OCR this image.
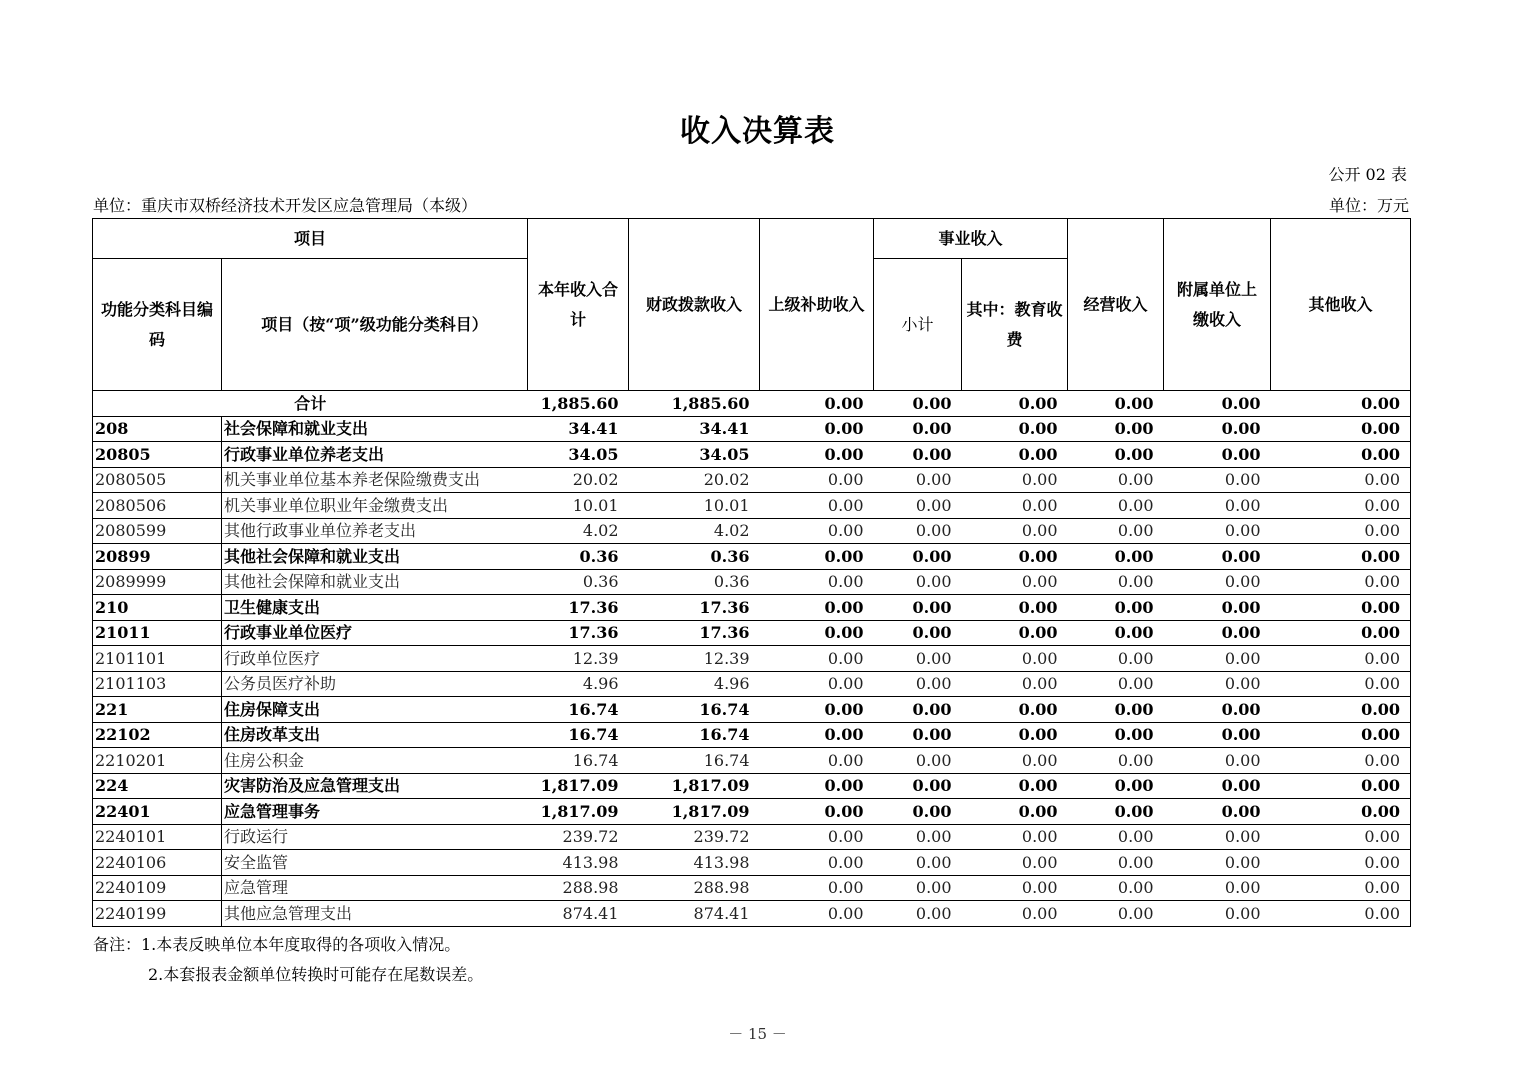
收入决算表
公开 02 表
单位：重庆市双桥经济技术开发区应急管理局（本级）	单位：万元
项目		本年收入合计	财政拨款收入	上级补助收入	事业收入		经营收入	附属单位上缴收入	其他收入
功能分类科目编码	项目（按“项”级功能分类科目）				小计	其中：教育收费			
合计		1,885.60	1,885.60	0.00	0.00	0.00	0.00	0.00	0.00
208	社会保障和就业支出	34.41	34.41	0.00	0.00	0.00	0.00	0.00	0.00
20805	行政事业单位养老支出	34.05	34.05	0.00	0.00	0.00	0.00	0.00	0.00
2080505	机关事业单位基本养老保险缴费支出	20.02	20.02	0.00	0.00	0.00	0.00	0.00	0.00
2080506	机关事业单位职业年金缴费支出	10.01	10.01	0.00	0.00	0.00	0.00	0.00	0.00
2080599	其他行政事业单位养老支出	4.02	4.02	0.00	0.00	0.00	0.00	0.00	0.00
20899	其他社会保障和就业支出	0.36	0.36	0.00	0.00	0.00	0.00	0.00	0.00
2089999	其他社会保障和就业支出	0.36	0.36	0.00	0.00	0.00	0.00	0.00	0.00
210	卫生健康支出	17.36	17.36	0.00	0.00	0.00	0.00	0.00	0.00
21011	行政事业单位医疗	17.36	17.36	0.00	0.00	0.00	0.00	0.00	0.00
2101101	行政单位医疗	12.39	12.39	0.00	0.00	0.00	0.00	0.00	0.00
2101103	公务员医疗补助	4.96	4.96	0.00	0.00	0.00	0.00	0.00	0.00
221	住房保障支出	16.74	16.74	0.00	0.00	0.00	0.00	0.00	0.00
22102	住房改革支出	16.74	16.74	0.00	0.00	0.00	0.00	0.00	0.00
2210201	住房公积金	16.74	16.74	0.00	0.00	0.00	0.00	0.00	0.00
224	灾害防治及应急管理支出	1,817.09	1,817.09	0.00	0.00	0.00	0.00	0.00	0.00
22401	应急管理事务	1,817.09	1,817.09	0.00	0.00	0.00	0.00	0.00	0.00
2240101	行政运行	239.72	239.72	0.00	0.00	0.00	0.00	0.00	0.00
2240106	安全监管	413.98	413.98	0.00	0.00	0.00	0.00	0.00	0.00
2240109	应急管理	288.98	288.98	0.00	0.00	0.00	0.00	0.00	0.00
2240199	其他应急管理支出	874.41	874.41	0.00	0.00	0.00	0.00	0.00	0.00
备注：1.本表反映单位本年度取得的各项收入情况。
2.本套报表金额单位转换时可能存在尾数误差。
－ 15 －
